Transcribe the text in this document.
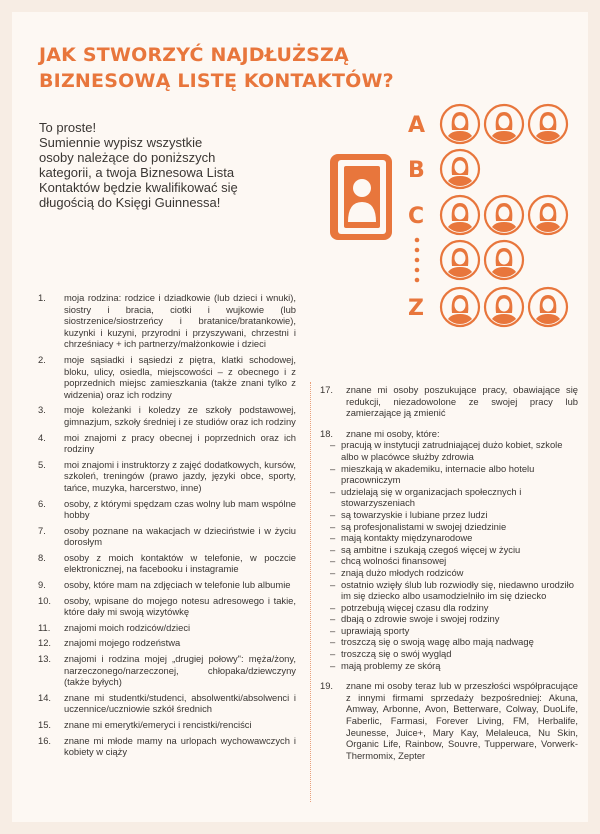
JAK STWORZYĆ NAJDŁUŻSZĄ
BIZNESOWĄ LISTĘ KONTAKTÓW?
To proste!
Sumiennie wypisz wszystkie
osoby należące do poniższych
kategorii, a twoja Biznesowa Lista
Kontaktów będzie kwalifikować się
długością do Księgi Guinnessa!
A
B
C
Z
1. moja rodzina: rodzice i dziadkowie (lub dzieci i wnuki), siostry i bracia, ciotki i wujkowie (lub siostrzenice/siostrzeńcy i bratanice/bratankowie), kuzynki i kuzyni, przyrodni i przyszywani, chrzestni i chrześniacy + ich partnerzy/małżonkowie i dzieci
2. moje sąsiadki i sąsiedzi z piętra, klatki schodowej, bloku, ulicy, osiedla, miejscowości – z obecnego i z poprzednich miejsc zamieszkania (także znani tylko z widzenia) oraz ich rodziny
3. moje koleżanki i koledzy ze szkoły podstawowej, gimnazjum, szkoły średniej i ze studiów oraz ich rodziny
4. moi znajomi z pracy obecnej i poprzednich oraz ich rodziny
5. moi znajomi i instruktorzy z zajęć dodatkowych, kursów, szkoleń, treningów (prawo jazdy, języki obce, sporty, tańce, muzyka, harcerstwo, inne)
6. osoby, z którymi spędzam czas wolny lub mam wspólne hobby
7. osoby poznane na wakacjach w dzieciństwie i w życiu dorosłym
8. osoby z moich kontaktów w telefonie, w poczcie elektronicznej, na facebooku i instagramie
9. osoby, które mam na zdjęciach w telefonie lub albumie
10. osoby, wpisane do mojego notesu adresowego i takie, które dały mi swoją wizytówkę
11. znajomi moich rodziców/dzieci
12. znajomi mojego rodzeństwa
13. znajomi i rodzina mojej „drugiej połowy": męża/żony, narzeczonego/narzeczonej, chłopaka/dziewczyny (także byłych)
14. znane mi studentki/studenci, absolwentki/absolwenci i uczennice/uczniowie szkół średnich
15. znane mi emerytki/emeryci i rencistki/renciści
16. znane mi młode mamy na urlopach wychowawczych i kobiety w ciąży
17. znane mi osoby poszukujące pracy, obawiające się redukcji, niezadowolone ze swojej pracy lub zamierzające ją zmienić
18. znane mi osoby, które:
– pracują w instytucji zatrudniającej dużo kobiet, szkole albo w placówce służby zdrowia
– mieszkają w akademiku, internacie albo hotelu pracowniczym
– udzielają się w organizacjach społecznych i stowarzyszeniach
– są towarzyskie i lubiane przez ludzi
– są profesjonalistami w swojej dziedzinie
– mają kontakty międzynarodowe
– są ambitne i szukają czegoś więcej w życiu
– chcą wolności finansowej
– znają dużo młodych rodziców
– ostatnio wzięły ślub lub rozwiodły się, niedawno urodziło im się dziecko albo usamodzielniło im się dziecko
– potrzebują więcej czasu dla rodziny
– dbają o zdrowie swoje i swojej rodziny
– uprawiają sporty
– troszczą się o swoją wagę albo mają nadwagę
– troszczą się o swój wygląd
– mają problemy ze skórą
19. znane mi osoby teraz lub w przeszłości współpracujące z innymi firmami sprzedaży bezpośredniej: Akuna, Amway, Arbonne, Avon, Betterware, Colway, DuoLife, Faberlic, Farmasi, Forever Living, FM, Herbalife, Jeunesse, Juice+, Mary Kay, Melaleuca, Nu Skin, Organic Life, Rainbow, Souvre, Tupperware, Vorwerk-Thermomix, Zepter
